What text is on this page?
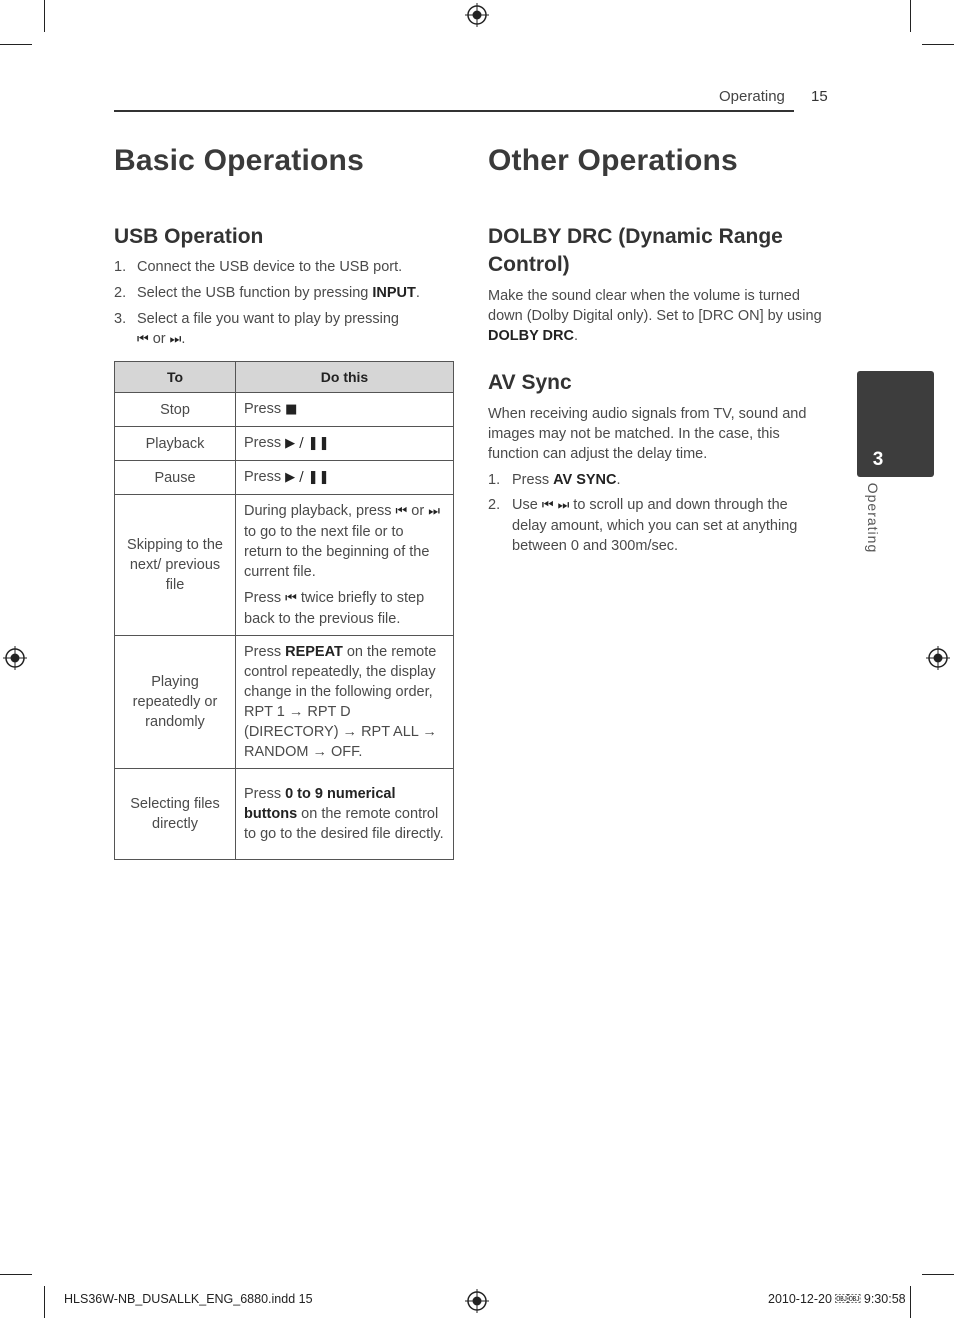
Operating 15
Basic Operations
USB Operation
1. Connect the USB device to the USB port.
2. Select the USB function by pressing INPUT.
3. Select a file you want to play by pressing
⏮ or ⏭.
To	Do this
Stop	Press ■
Playback	Press ▶ / ❚❚
Pause	Press ▶ / ❚❚
Skipping to the next/ previous file	During playback, press ⏮ or ⏭ to go to the next file or to return to the beginning of the current file.

Press ⏮ twice briefly to step back to the previous file.

Playing repeatedly or randomly	Press REPEAT on the remote control repeatedly, the display change in the following order, RPT 1 → RPT D (DIRECTORY) → RPT ALL → RANDOM → OFF.
Selecting files directly	Press 0 to 9 numerical buttons on the remote control to go to the desired file directly.
Other Operations
DOLBY DRC (Dynamic Range Control)
Make the sound clear when the volume is turned down (Dolby Digital only). Set to [DRC ON] by using DOLBY DRC.
AV Sync
When receiving audio signals from TV, sound and images may not be matched. In the case, this function can adjust the delay time.
1. Press AV SYNC.
2. Use ⏮ ⏭ to scroll up and down through the delay amount, which you can set at anything between 0 and 300m/sec.
3
Operating
HLS36W-NB_DUSALLK_ENG_6880.indd 15	2010-12-20 ￼￼ 9:30:58
